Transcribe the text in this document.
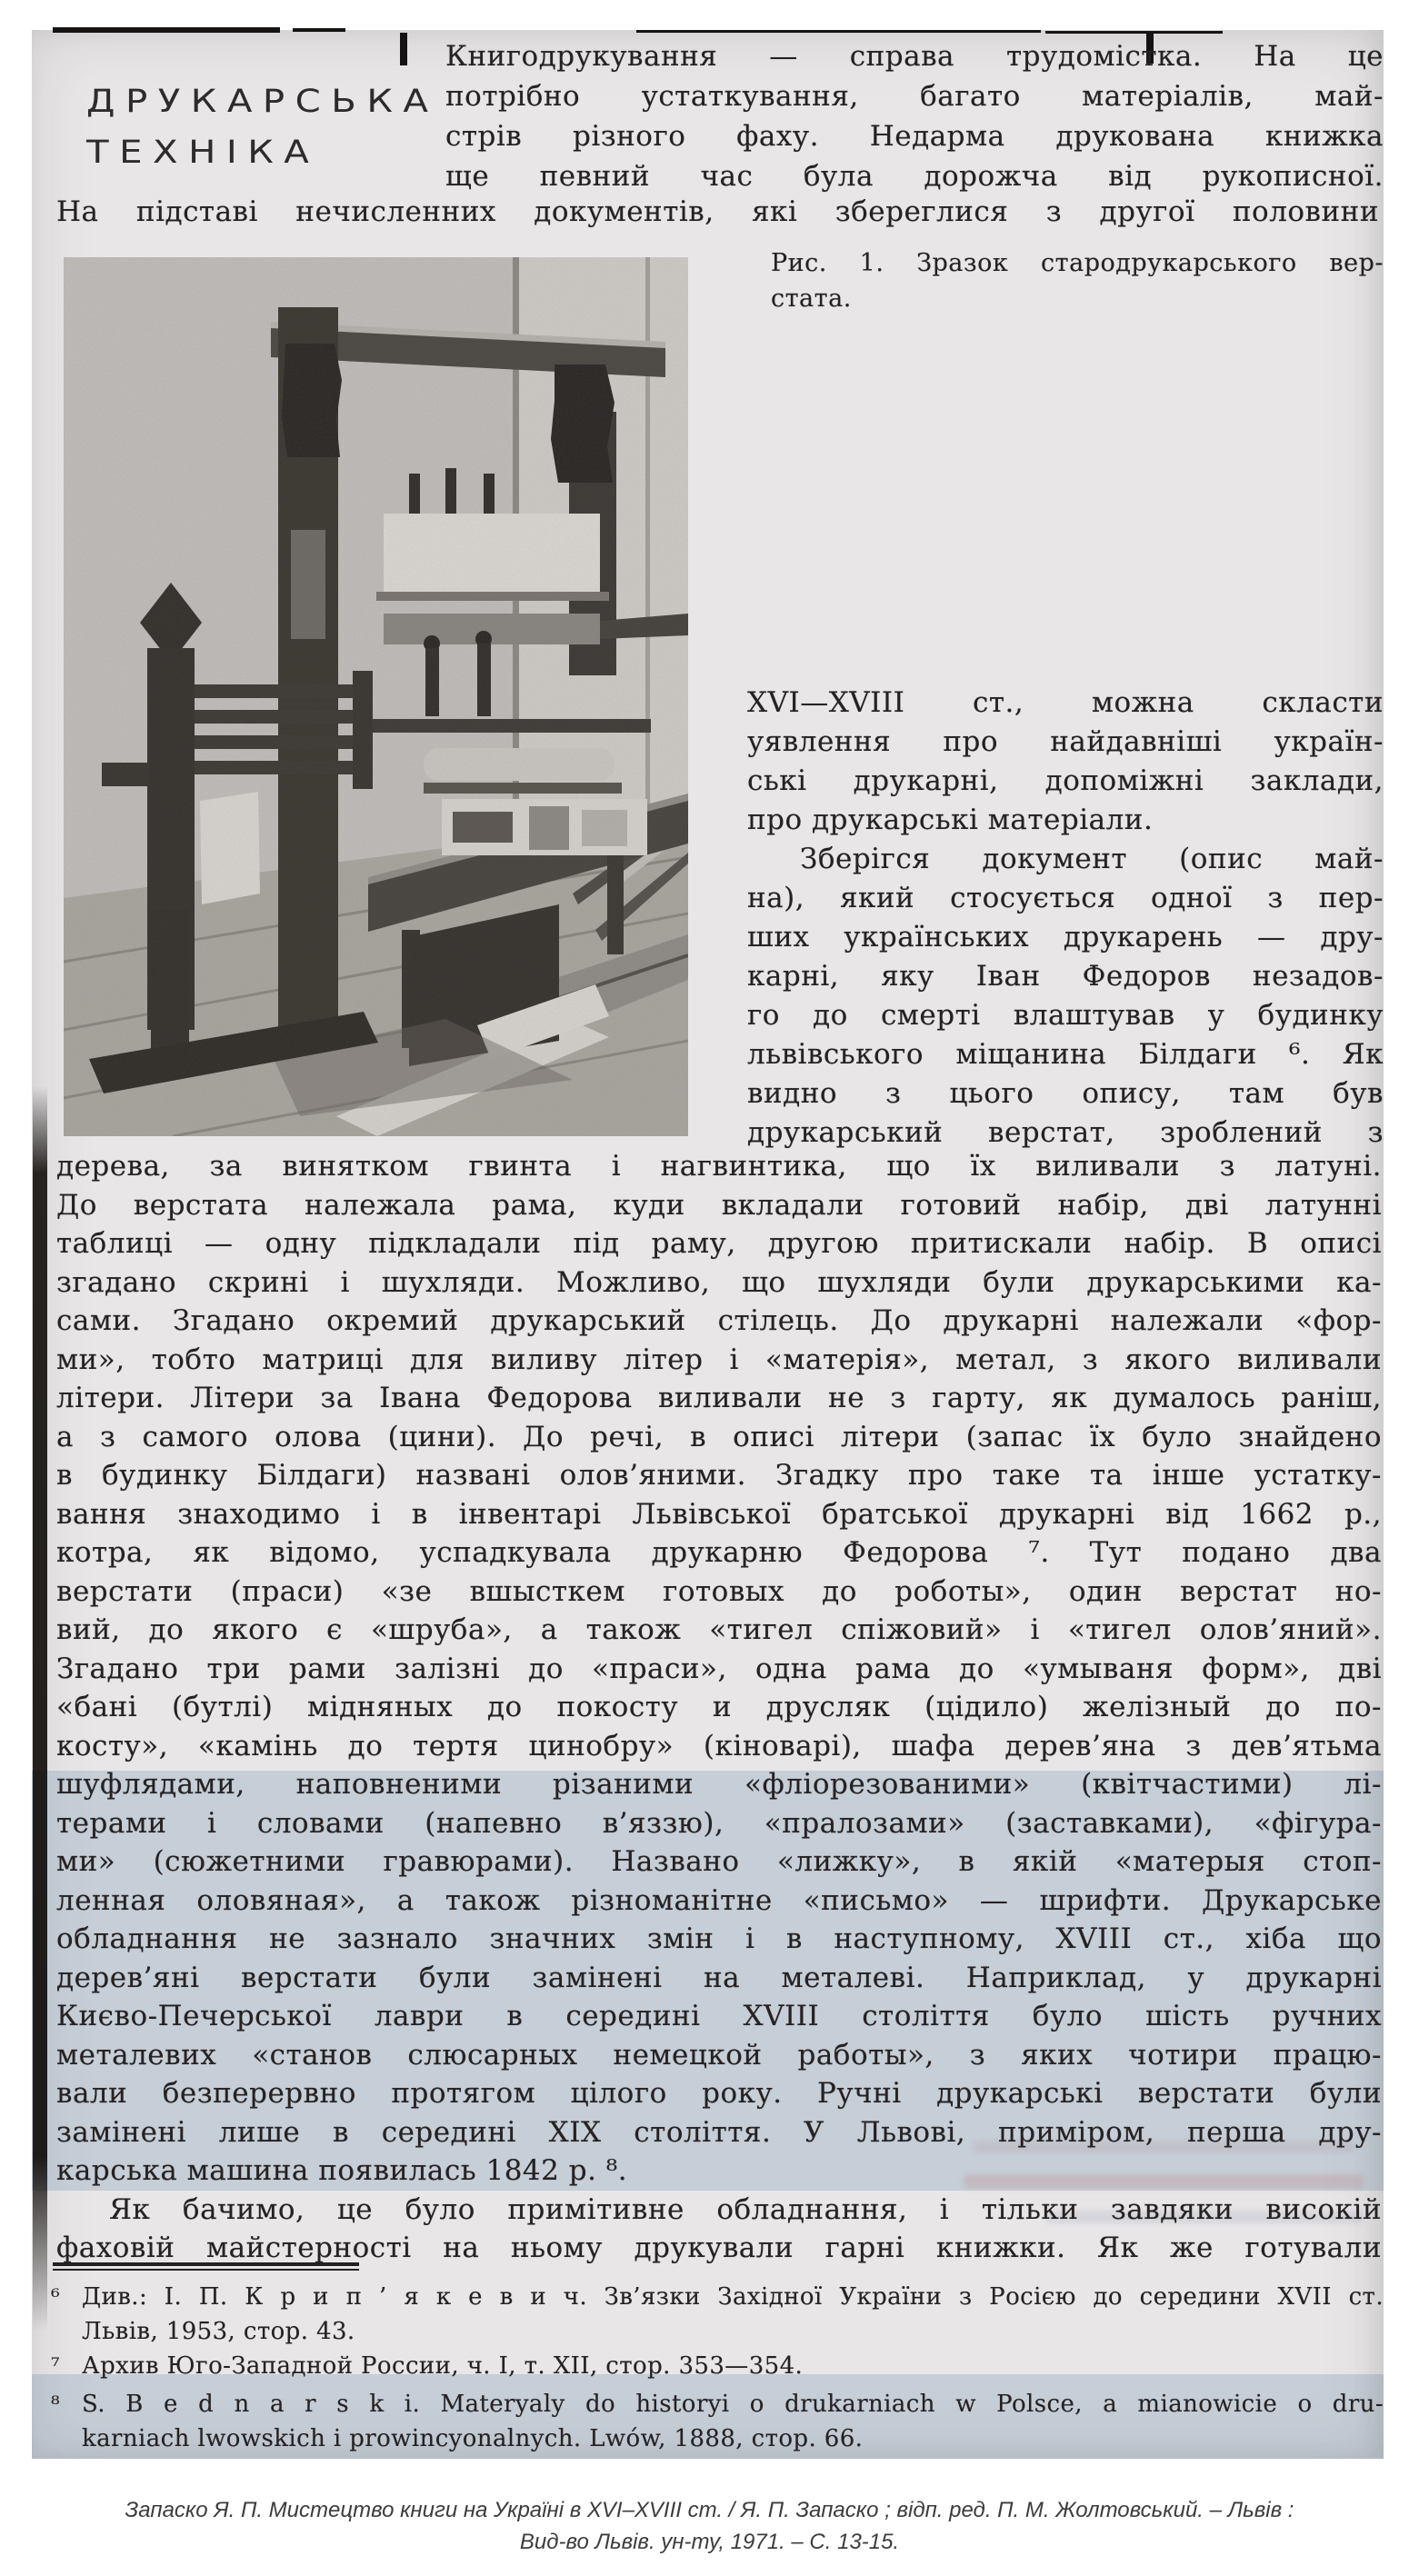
ДРУКАРСЬКА
ТЕХНІКА
Книгодрукування — справа трудомістка. На це
потрібно устаткування, багато матеріалів, май-
стрів різного фаху. Недарма друкована книжка
ще певний час була дорожча від рукописної.
На підставі нечисленних документів, які збереглися з другої половини
Рис. 1. Зразок стародрукарського вер-
стата.
XVI—XVIII ст., можна скласти
уявлення про найдавніші україн-
ські друкарні, допоміжні заклади,
про друкарські матеріали.
Зберігся документ (опис май-
на), який стосується одної з пер-
ших українських друкарень — дру-
карні, яку Іван Федоров незадов-
го до смерті влаштував у будинку
львівського міщанина Білдаги ⁶. Як
видно з цього опису, там був
друкарський верстат, зроблений з
дерева, за винятком гвинта і нагвинтика, що їх виливали з латуні.
До верстата належала рама, куди вкладали готовий набір, дві латунні
таблиці — одну підкладали під раму, другою притискали набір. В описі
згадано скрині і шухляди. Можливо, що шухляди були друкарськими ка-
сами. Згадано окремий друкарський стілець. До друкарні належали «фор-
ми», тобто матриці для виливу літер і «матерія», метал, з якого виливали
літери. Літери за Івана Федорова виливали не з гарту, як думалось раніш,
а з самого олова (цини). До речі, в описі літери (запас їх було знайдено
в будинку Білдаги) названі олов’яними. Згадку про таке та інше устатку-
вання знаходимо і в інвентарі Львівської братської друкарні від 1662 р.,
котра, як відомо, успадкувала друкарню Федорова ⁷. Тут подано два
верстати (праси) «зе вшысткем готовых до роботы», один верстат но-
вий, до якого є «шруба», а також «тигел спіжовий» і «тигел олов’яний».
Згадано три рами залізні до «праси», одна рама до «умываня форм», дві
«бані (бутлі) мідняных до покосту и друсляк (цідило) желізный до по-
косту», «камінь до тертя цинобру» (кіноварі), шафа дерев’яна з дев’ятьма
шуфлядами, наповненими різаними «фліорезованими» (квітчастими) лі-
терами і словами (напевно в’яззю), «пралозами» (заставками), «фігура-
ми» (сюжетними гравюрами). Названо «лижку», в якій «матерыя стоп-
ленная оловяная», а також різноманітне «письмо» — шрифти. Друкарське
обладнання не зазнало значних змін і в наступному, XVIII ст., хіба що
дерев’яні верстати були замінені на металеві. Наприклад, у друкарні
Києво-Печерської лаври в середині XVIII століття було шість ручних
металевих «станов слюсарных немецкой работы», з яких чотири працю-
вали безперервно протягом цілого року. Ручні друкарські верстати були
замінені лише в середині XIX століття. У Львові, приміром, перша дру-
карська машина появилась 1842 р. ⁸.
Як бачимо, це було примітивне обладнання, і тільки завдяки високій
фаховій майстерності на ньому друкували гарні книжки. Як же готували
⁶ Див.: І. П. К р и п ’ я к е в и ч. Зв’язки Західної України з Росією до середини XVII ст.
Львів, 1953, стор. 43.
⁷ Архив Юго-Западной России, ч. І, т. ХІІ, стор. 353—354.
⁸ S. B e d n a r s k i. Materyaly do historyi o drukarniach w Polsce, a mianowicie o dru-
karniach lwowskich i prowincyonalnych. Lwów, 1888, стор. 66.
Запаско Я. П. Мистецтво книги на Україні в XVI–XVIII ст. / Я. П. Запаско ; відп. ред. П. М. Жолтовський. – Львів :
Вид-во Львів. ун-ту, 1971. – С. 13-15.
